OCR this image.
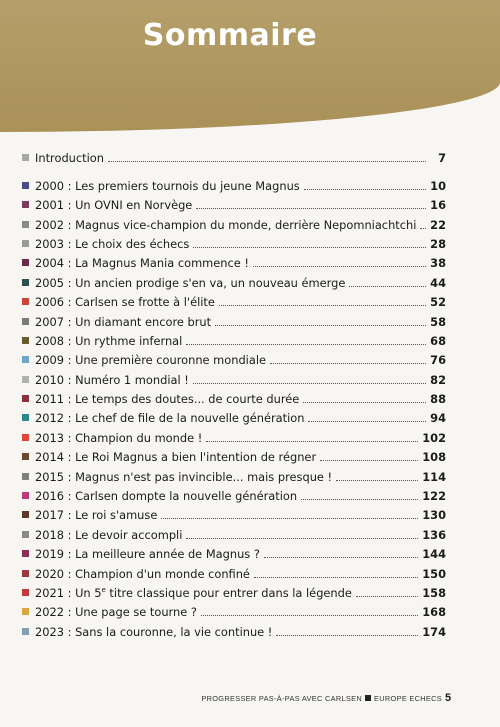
Sommaire
Introduction	7
2000 : Les premiers tournois du jeune Magnus	10
2001 : Un OVNI en Norvège	16
2002 : Magnus vice-champion du monde, derrière Nepomniachtchi 22
2003 : Le choix des échecs	28
2004 : La Magnus Mania commence !	38
2005 : Un ancien prodige s'en va, un nouveau émerge	44
2006 : Carlsen se frotte à l'élite	52
2007 : Un diamant encore brut	58
2008 : Un rythme infernal	68
2009 : Une première couronne mondiale	76
2010 : Numéro 1 mondial !	82
2011 : Le temps des doutes... de courte durée	88
2012 : Le chef de file de la nouvelle génération	94
2013 : Champion du monde !	102
2014 : Le Roi Magnus a bien l'intention de régner	108
2015 : Magnus n'est pas invincible... mais presque !	114
2016 : Carlsen dompte la nouvelle génération	122
2017 : Le roi s'amuse	130
2018 : Le devoir accompli	136
2019 : La meilleure année de Magnus ?	144
2020 : Champion d'un monde confiné	150
2021 : Un 5e titre classique pour entrer dans la légende	158
2022 : Une page se tourne ?	168
2023 : Sans la couronne, la vie continue !	174
PROGRESSER PAS-À-PAS AVEC CARLSEN EUROPE ECHECS 5
